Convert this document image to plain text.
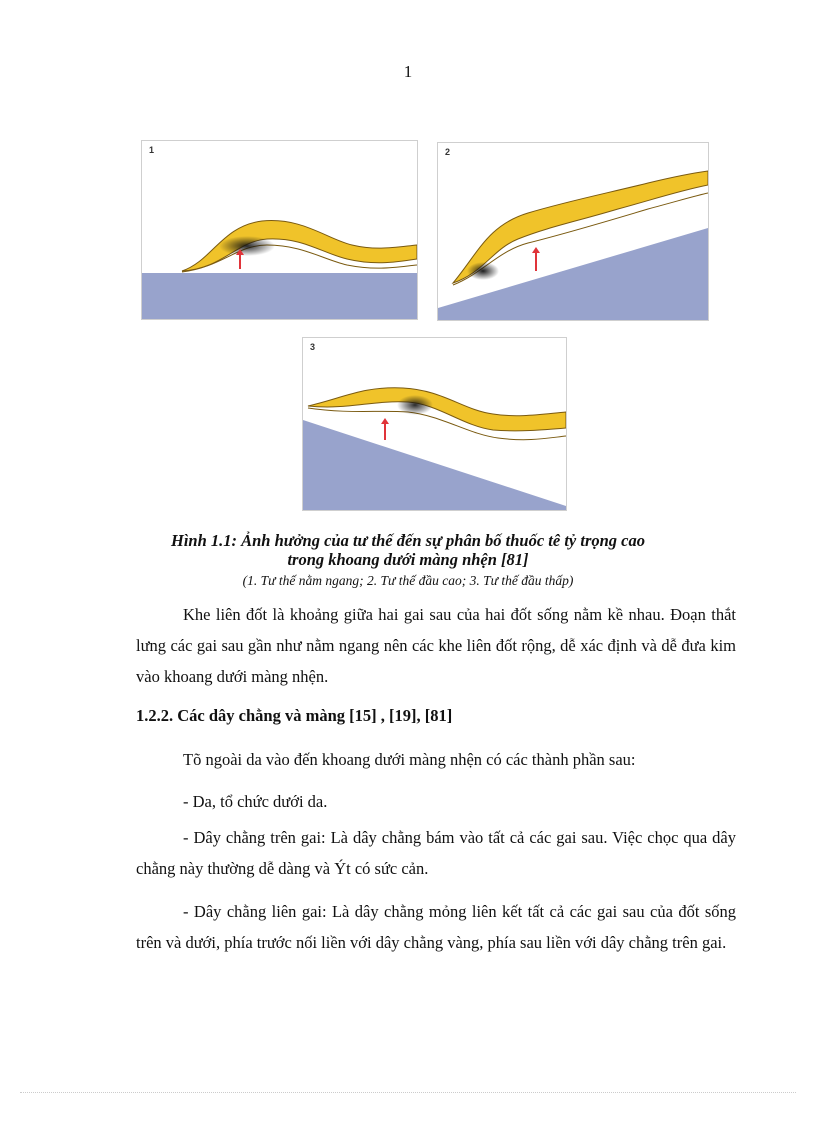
1
1	2
3
Hình 1.1: Ảnh hưởng của tư thế đến sự phân bố thuốc tê tỷ trọng cao
trong khoang dưới màng nhện [81]
(1. Tư thế nằm ngang; 2. Tư thế đầu cao; 3. Tư thế đầu thấp)
Khe liên đốt là khoảng giữa hai gai sau của hai đốt sống nằm kề nhau. Đoạn thắt lưng các gai sau gần như nằm ngang nên các khe liên đốt rộng, dễ xác định và dễ đưa kim vào khoang dưới màng nhện.
1.2.2. Các dây chằng và màng [15] , [19], [81]
Tõ ngoài da vào đến khoang dưới màng nhện có các thành phần sau:
- Da, tổ chức dưới da.
- Dây chằng trên gai: Là dây chằng bám vào tất cả các gai sau. Việc chọc qua dây chằng này thường dễ dàng và Ýt có sức cản.
- Dây chằng liên gai: Là dây chằng mỏng liên kết tất cả các gai sau của đốt sống trên và dưới, phía trước nối liền với dây chằng vàng, phía sau liền với dây chằng trên gai.
